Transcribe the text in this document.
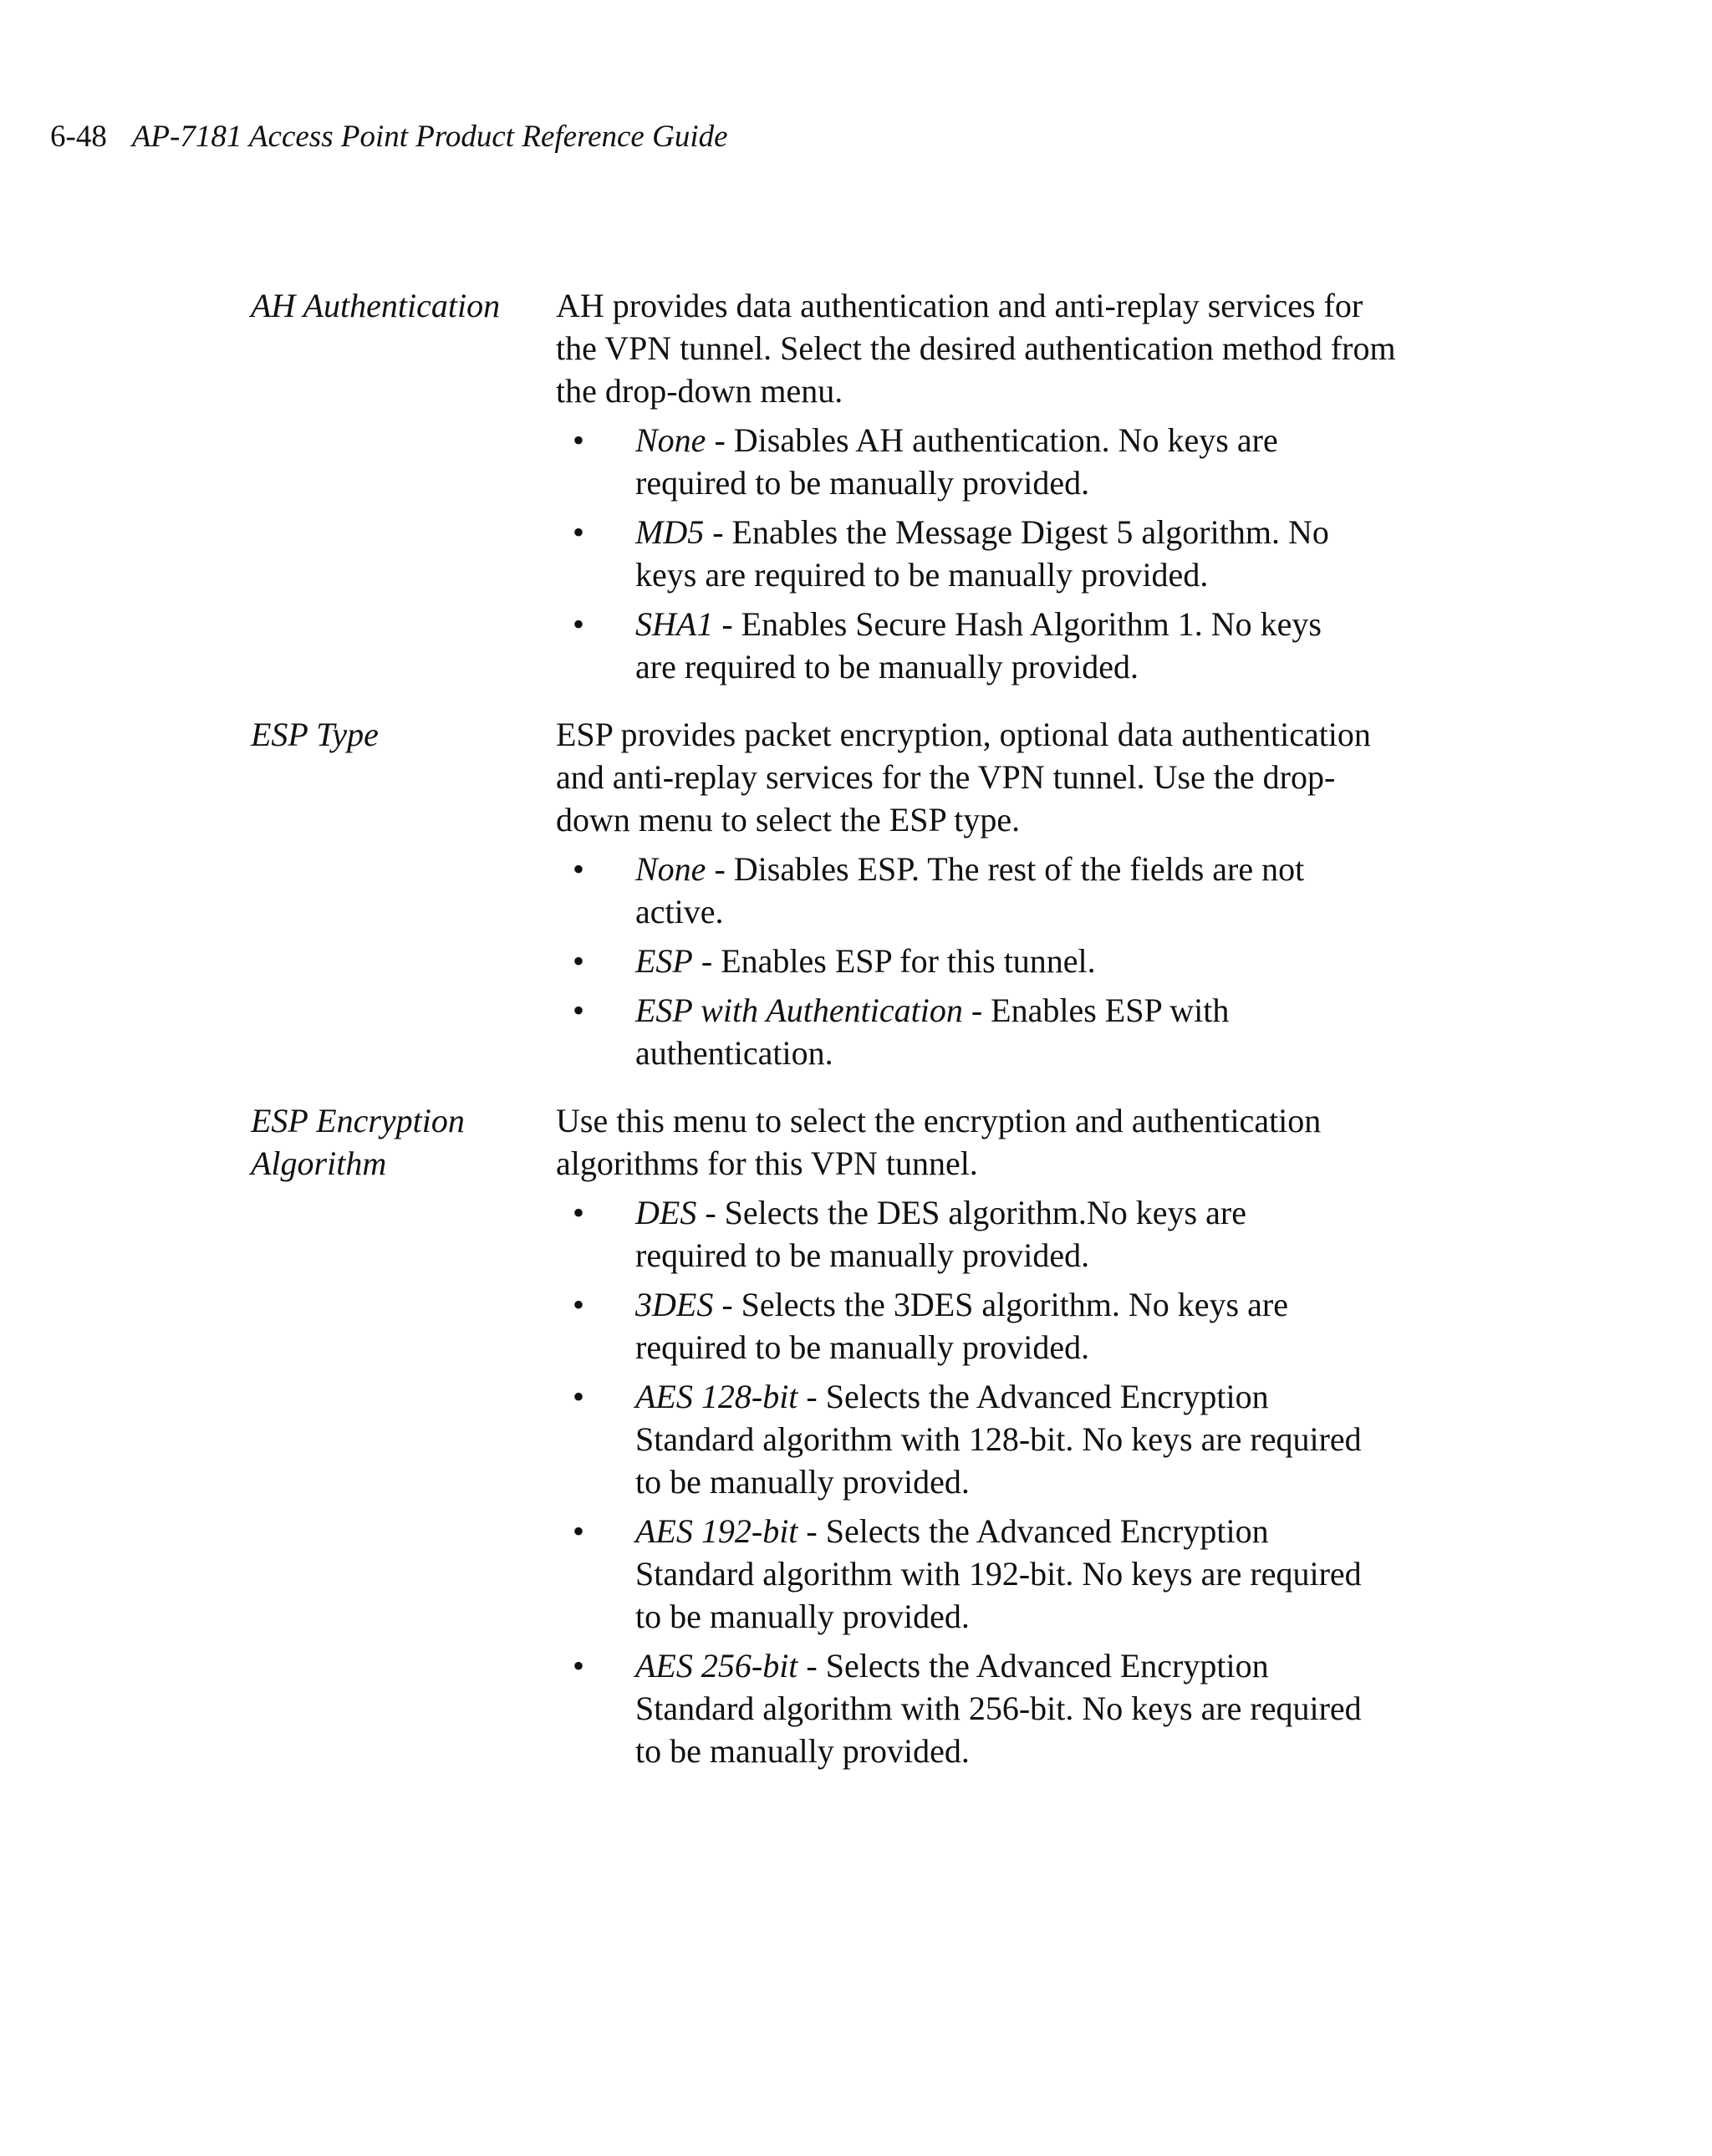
6-48 AP-7181 Access Point Product Reference Guide
AH Authentication	AH provides data authentication and anti-replay services for the VPN tunnel. Select the desired authentication method from the drop-down menu.

• None - Disables AH authentication. No keys are required to be manually provided.
• MD5 - Enables the Message Digest 5 algorithm. No keys are required to be manually provided.
• SHA1 - Enables Secure Hash Algorithm 1. No keys are required to be manually provided.
ESP Type	ESP provides packet encryption, optional data authentication and anti-replay services for the VPN tunnel. Use the drop-down menu to select the ESP type.

• None - Disables ESP. The rest of the fields are not active.
• ESP - Enables ESP for this tunnel.
• ESP with Authentication - Enables ESP with authentication.
ESP Encryption
Algorithm

Use this menu to select the encryption and authentication algorithms for this VPN tunnel.

• DES - Selects the DES algorithm.No keys are required to be manually provided.
• 3DES - Selects the 3DES algorithm. No keys are required to be manually provided.
• AES 128-bit - Selects the Advanced Encryption Standard algorithm with 128-bit. No keys are required to be manually provided.
• AES 192-bit - Selects the Advanced Encryption Standard algorithm with 192-bit. No keys are required to be manually provided.
• AES 256-bit - Selects the Advanced Encryption Standard algorithm with 256-bit. No keys are required to be manually provided.
